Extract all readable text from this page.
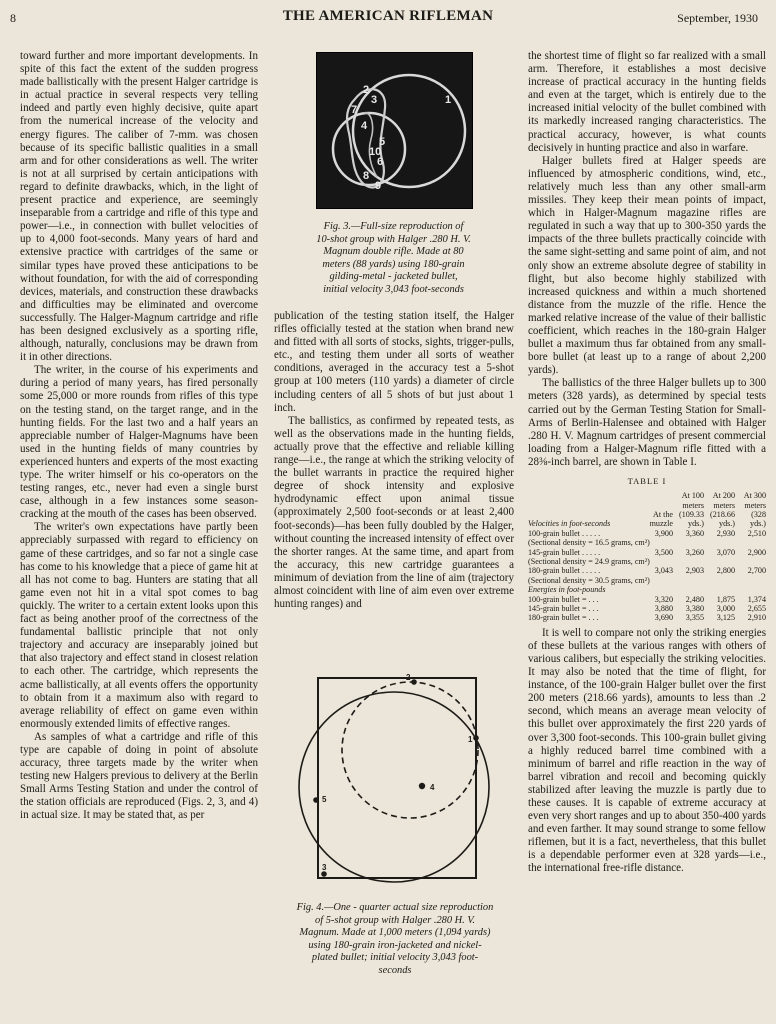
8	THE AMERICAN RIFLEMAN	September, 1930

toward further and more important developments. In spite of this fact the extent of the sudden progress made ballistically with the present Halger cartridge is in actual practice in several respects very telling indeed and partly even highly decisive, quite apart from the numerical increase of the velocity and energy figures. The caliber of 7-mm. was chosen because of its specific ballistic qualities in a small arm and for other considerations as well. The writer is not at all surprised by certain anticipations with regard to definite drawbacks, which, in the light of present practice and experience, are seemingly inseparable from a cartridge and rifle of this type and power—i.e., in connection with bullet velocities of up to 4,000 foot-seconds. Many years of hard and extensive practice with cartridges of the same or similar types have proved these anticipations to be without foundation, for with the aid of corresponding devices, materials, and construction these drawbacks and difficulties may be eliminated and overcome successfully. The Halger-Magnum cartridge and rifle has been designed exclusively as a sporting rifle, although, naturally, conclusions may be drawn from it in other directions.

The writer, in the course of his experiments and during a period of many years, has fired personally some 25,000 or more rounds from rifles of this type on the testing stand, on the target range, and in the hunting fields. For the last two and a half years an appreciable number of Halger-Magnums have been used in the hunting fields of many countries by experienced hunters and experts of the most exacting type. The writer himself or his co-operators on the testing ranges, etc., never had even a single burst case, although in a few instances some season-cracking at the mouth of the cases has been observed.

The writer's own expectations have partly been appreciably surpassed with regard to efficiency on game of these cartridges, and so far not a single case has come to his knowledge that a piece of game hit at all has not come to bag. Hunters are stating that all game even not hit in a vital spot comes to bag quickly. The writer to a certain extent looks upon this fact as being another proof of the correctness of the fundamental ballistic principle that not only trajectory and accuracy are inseparably joined but that also trajectory and effect stand in closest relation to each other. The cartridge, which represents the acme ballistically, at all events offers the opportunity to obtain from it a maximum also with regard to average reliability of effect on game even within enormously extended limits of effective ranges.

As samples of what a cartridge and rifle of this type are capable of doing in point of absolute accuracy, three targets made by the writer when testing new Halgers previous to delivery at the Berlin Small Arms Testing Station and under the control of the station officials are reproduced (Figs. 2, 3, and 4) in actual size. It may be stated that, as per

1
2
3
4
5
6
7
8
9
10
Fig. 3.—Full-size reproduction of 10-shot group with Halger .280 H. V. Magnum double rifle. Made at 80 meters (88 yards) using 180-grain gilding-metal - jacketed bullet, initial velocity 3,043 foot-seconds

publication of the testing station itself, the Halger rifles officially tested at the station when brand new and fitted with all sorts of stocks, sights, trigger-pulls, etc., and testing them under all sorts of weather conditions, averaged in the accuracy test a 5-shot group at 100 meters (110 yards) a diameter of circle including centers of all 5 shots of but just about 1 inch.

The ballistics, as confirmed by repeated tests, as well as the observations made in the hunting fields, actually prove that the effective and reliable killing range—i.e., the range at which the striking velocity of the bullet warrants in practice the required higher degree of shock intensity and explosive hydrodynamic effect upon animal tissue (approximately 2,500 foot-seconds or at least 2,400 foot-seconds)—has been fully doubled by the Halger, without counting the increased intensity of effect over the shorter ranges. At the same time, and apart from the accuracy, this new cartridge guarantees a minimum of deviation from the line of aim (trajectory almost coincident with line of aim even over extreme hunting ranges) and

1
2
3
4
5
Fig. 4.—One - quarter actual size reproduction of 5-shot group with Halger .280 H. V. Magnum. Made at 1,000 meters (1,094 yards) using 180-grain iron-jacketed and nickel-plated bullet; initial velocity 3,043 foot-seconds

the shortest time of flight so far realized with a small arm. Therefore, it establishes a most decisive increase of practical accuracy in the hunting fields and even at the target, which is entirely due to the increased initial velocity of the bullet combined with its markedly increased ranging characteristics. The practical accuracy, however, is what counts decisively in hunting practice and also in warfare.

Halger bullets fired at Halger speeds are influenced by atmospheric conditions, wind, etc., relatively much less than any other small-arm missiles. They keep their mean points of impact, which in Halger-Magnum magazine rifles are regulated in such a way that up to 300-350 yards the impacts of the three bullets practically coincide with the same sight-setting and same point of aim, and not only show an extreme absolute degree of stability in flight, but also become highly stabilized with increased quickness and within a much shortened distance from the muzzle of the rifle. Hence the marked relative increase of the value of their ballistic coefficient, which reaches in the 180-grain Halger bullet a maximum thus far obtained from any small-bore bullet (at least up to a range of about 2,200 yards).

The ballistics of the three Halger bullets up to 300 meters (328 yards), as determined by special tests carried out by the German Testing Station for Small-Arms of Berlin-Halensee and obtained with Halger .280 H. V. Magnum cartridges of present commercial loading from a Halger-Magnum rifle fitted with a 28⅜-inch barrel, are shown in Table I.

TABLE I
Velocities in foot-seconds	At the muzzle	At 100 meters (109.33 yds.)	At 200 meters (218.66 yds.)	At 300 meters (328 yds.)
100-grain bullet . . . . .	3,900	3,360	2,930	2,510
(Sectional density = 16.5 grams, cm²)				
145-grain bullet . . . . .	3,500	3,260	3,070	2,900
(Sectional density = 24.9 grams, cm²)				
180-grain bullet . . . . .	3,043	2,903	2,800	2,700
(Sectional density = 30.5 grams, cm²)				
Energies in foot-pounds				
100-grain bullet = . . .	3,320	2,480	1,875	1,374
145-grain bullet = . . .	3,880	3,380	3,000	2,655
180-grain bullet = . . .	3,690	3,355	3,125	2,910

It is well to compare not only the striking energies of these bullets at the various ranges with others of various calibers, but especially the striking velocities. It may also be noted that the time of flight, for instance, of the 100-grain Halger bullet over the first 200 meters (218.66 yards), amounts to less than .2 second, which means an average mean velocity of this bullet over approximately the first 220 yards of over 3,300 foot-seconds. This 100-grain bullet giving a highly reduced barrel time combined with a minimum of barrel and rifle reaction in the way of barrel vibration and recoil and becoming quickly stabilized after leaving the muzzle is partly due to these causes. It is capable of extreme accuracy at even very short ranges and up to about 350-400 yards and even farther. It may sound strange to some fellow riflemen, but it is a fact, nevertheless, that this bullet is a dependable performer even at 328 yards—i.e., the international free-rifle distance.
